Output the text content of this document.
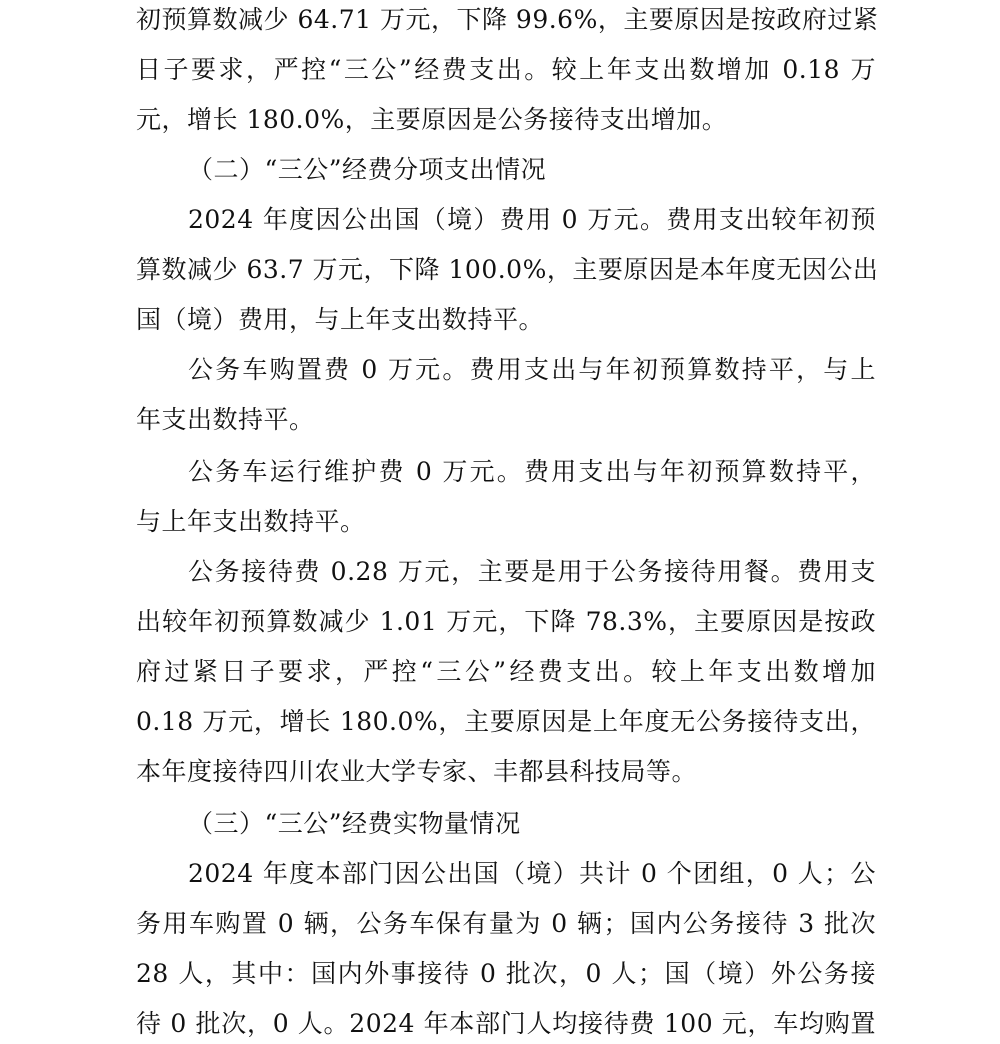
初预算数减少 64.71 万元，下降 99.6%，主要原因是按政府过紧
日子要求，严控“三公”经费支出。较上年支出数增加 0.18 万
元，增长 180.0%，主要原因是公务接待支出增加。
（二）“三公”经费分项支出情况
2024 年度因公出国（境）费用 0 万元。费用支出较年初预
算数减少 63.7 万元，下降 100.0%，主要原因是本年度无因公出
国（境）费用，与上年支出数持平。
公务车购置费 0 万元。费用支出与年初预算数持平，与上
年支出数持平。
公务车运行维护费 0 万元。费用支出与年初预算数持平，
与上年支出数持平。
公务接待费 0.28 万元，主要是用于公务接待用餐。费用支
出较年初预算数减少 1.01 万元，下降 78.3%，主要原因是按政
府过紧日子要求，严控“三公”经费支出。较上年支出数增加
0.18 万元，增长 180.0%，主要原因是上年度无公务接待支出，
本年度接待四川农业大学专家、丰都县科技局等。
（三）“三公”经费实物量情况
2024 年度本部门因公出国（境）共计 0 个团组，0 人；公
务用车购置 0 辆，公务车保有量为 0 辆；国内公务接待 3 批次
28 人，其中：国内外事接待 0 批次，0 人；国（境）外公务接
待 0 批次，0 人。2024 年本部门人均接待费 100 元，车均购置
